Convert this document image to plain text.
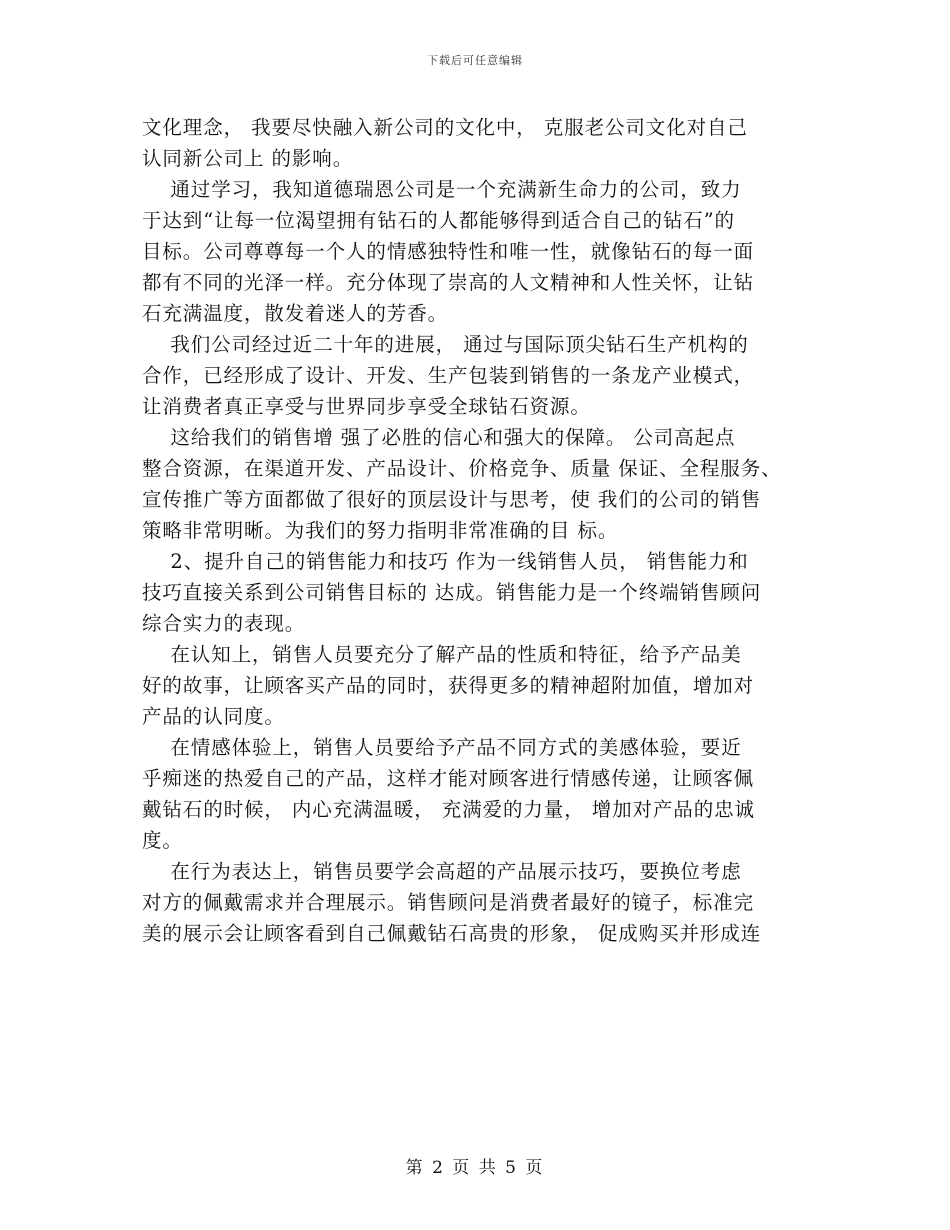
下载后可任意编辑
文化理念， 我要尽快融入新公司的文化中， 克服老公司文化对自己
认同新公司上 的影响。
通过学习，我知道德瑞恩公司是一个充满新生命力的公司，致力
于达到“让每一位渴望拥有钻石的人都能够得到适合自己的钻石”的
目标。公司尊尊每一个人的情感独特性和唯一性，就像钻石的每一面
都有不同的光泽一样。充分体现了崇高的人文精神和人性关怀，让钻
石充满温度，散发着迷人的芳香。
我们公司经过近二十年的进展， 通过与国际顶尖钻石生产机构的
合作，已经形成了设计、开发、生产包装到销售的一条龙产业模式，
让消费者真正享受与世界同步享受全球钻石资源。
这给我们的销售增 强了必胜的信心和强大的保障。 公司高起点
整合资源，在渠道开发、产品设计、价格竞争、质量 保证、全程服务、
宣传推广等方面都做了很好的顶层设计与思考，使 我们的公司的销售
策略非常明晰。为我们的努力指明非常准确的目 标。
2、提升自己的销售能力和技巧 作为一线销售人员， 销售能力和
技巧直接关系到公司销售目标的 达成。销售能力是一个终端销售顾问
综合实力的表现。
在认知上，销售人员要充分了解产品的性质和特征，给予产品美
好的故事，让顾客买产品的同时，获得更多的精神超附加值，增加对
产品的认同度。
在情感体验上，销售人员要给予产品不同方式的美感体验，要近
乎痴迷的热爱自己的产品，这样才能对顾客进行情感传递，让顾客佩
戴钻石的时候， 内心充满温暖， 充满爱的力量， 增加对产品的忠诚
度。
在行为表达上，销售员要学会高超的产品展示技巧，要换位考虑
对方的佩戴需求并合理展示。销售顾问是消费者最好的镜子，标准完
美的展示会让顾客看到自己佩戴钻石高贵的形象， 促成购买并形成连
第 2 页 共 5 页
